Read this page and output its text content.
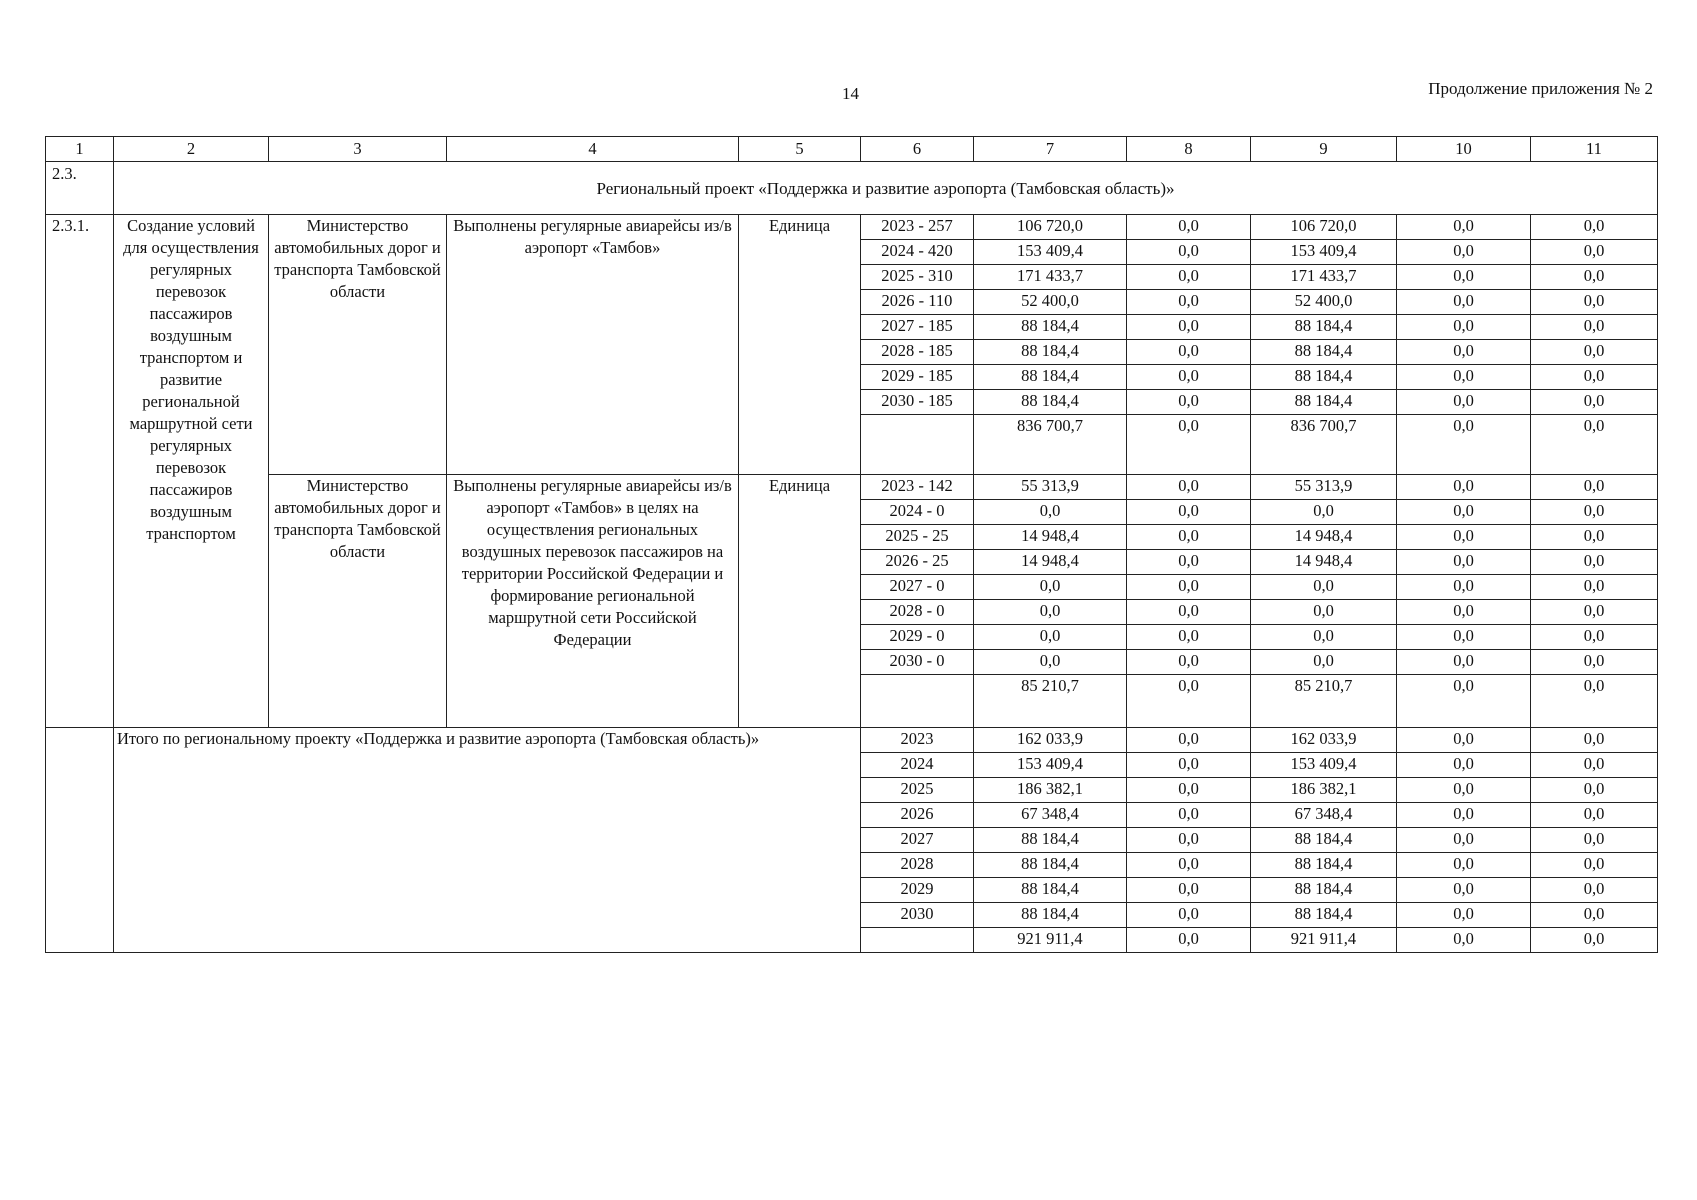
14	Продолжение приложения № 2
1	2	3	4	5	6	7	8	9	10	11
2.3.	Региональный проект «Поддержка и развитие аэропорта (Тамбовская область)»									
2.3.1.	Создание условий для осуществления регулярных перевозок пассажиров воздушным транспортом и развитие региональной маршрутной сети регулярных перевозок пассажиров воздушным транспортом	Министерство автомобильных дорог и транспорта Тамбовской области	Выполнены регулярные авиарейсы из/в аэропорт «Тамбов»	Единица	2023 - 257	106 720,0	0,0	106 720,0	0,0	0,0
					2024 - 420	153 409,4	0,0	153 409,4	0,0	0,0
					2025 - 310	171 433,7	0,0	171 433,7	0,0	0,0
					2026 - 110	52 400,0	0,0	52 400,0	0,0	0,0
					2027 - 185	88 184,4	0,0	88 184,4	0,0	0,0
					2028 - 185	88 184,4	0,0	88 184,4	0,0	0,0
					2029 - 185	88 184,4	0,0	88 184,4	0,0	0,0
					2030 - 185	88 184,4	0,0	88 184,4	0,0	0,0
						836 700,7	0,0	836 700,7	0,0	0,0
		Министерство автомобильных дорог и транспорта Тамбовской области	Выполнены регулярные авиарейсы из/в аэропорт «Тамбов» в целях на осуществления региональных воздушных перевозок пассажиров на территории Российской Федерации и формирование региональной маршрутной сети Российской Федерации	Единица	2023 - 142	55 313,9	0,0	55 313,9	0,0	0,0
					2024 - 0	0,0	0,0	0,0	0,0	0,0
					2025 - 25	14 948,4	0,0	14 948,4	0,0	0,0
					2026 - 25	14 948,4	0,0	14 948,4	0,0	0,0
					2027 - 0	0,0	0,0	0,0	0,0	0,0
					2028 - 0	0,0	0,0	0,0	0,0	0,0
					2029 - 0	0,0	0,0	0,0	0,0	0,0
					2030 - 0	0,0	0,0	0,0	0,0	0,0
						85 210,7	0,0	85 210,7	0,0	0,0
	Итого по региональному проекту «Поддержка и развитие аэропорта (Тамбовская область)»				2023	162 033,9	0,0	162 033,9	0,0	0,0
					2024	153 409,4	0,0	153 409,4	0,0	0,0
					2025	186 382,1	0,0	186 382,1	0,0	0,0
					2026	67 348,4	0,0	67 348,4	0,0	0,0
					2027	88 184,4	0,0	88 184,4	0,0	0,0
					2028	88 184,4	0,0	88 184,4	0,0	0,0
					2029	88 184,4	0,0	88 184,4	0,0	0,0
					2030	88 184,4	0,0	88 184,4	0,0	0,0
						921 911,4	0,0	921 911,4	0,0	0,0
